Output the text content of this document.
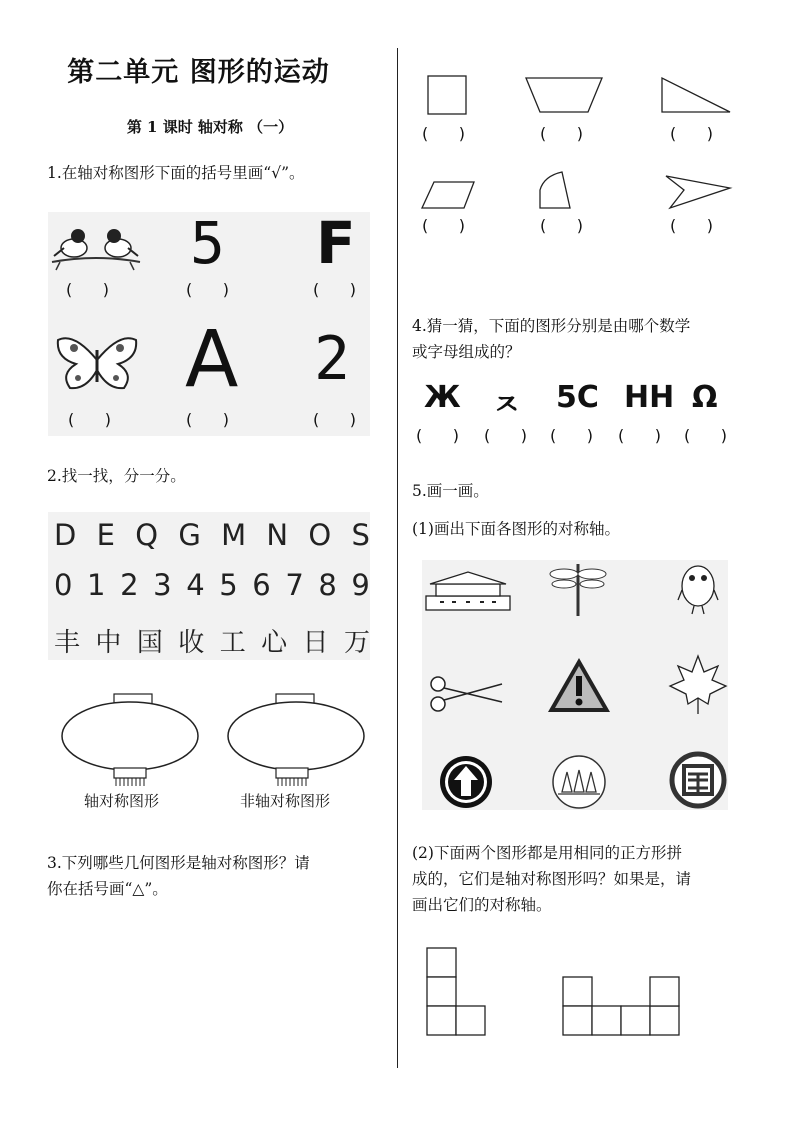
第二单元 图形的运动
第 1 课时 轴对称 （一）
1.在轴对称图形下面的括号里画“√”。
5 F
(      )	(      )	(      )
A 2
(      )	(      )	(      )
2.找一找，分一分。
D E Q G M N O S
0 1 2 3 4 5 6 7 8 9
丰 中 国 收 工 心 日 万
轴对称图形	非轴对称图形
3.下列哪些几何图形是轴对称图形？请
你在括号画“△”。
(      )	(      )	(      )
(      )	(      )	(      )
4.猜一猜，下面的图形分别是由哪个数学
或字母组成的？
Ж ㅈ 5C HH Ω
(      ) (      ) (      ) (      ) (      )
5.画一画。
(1)画出下面各图形的对称轴。
(2)下面两个图形都是用相同的正方形拼
成的，它们是轴对称图形吗？如果是，请
画出它们的对称轴。
